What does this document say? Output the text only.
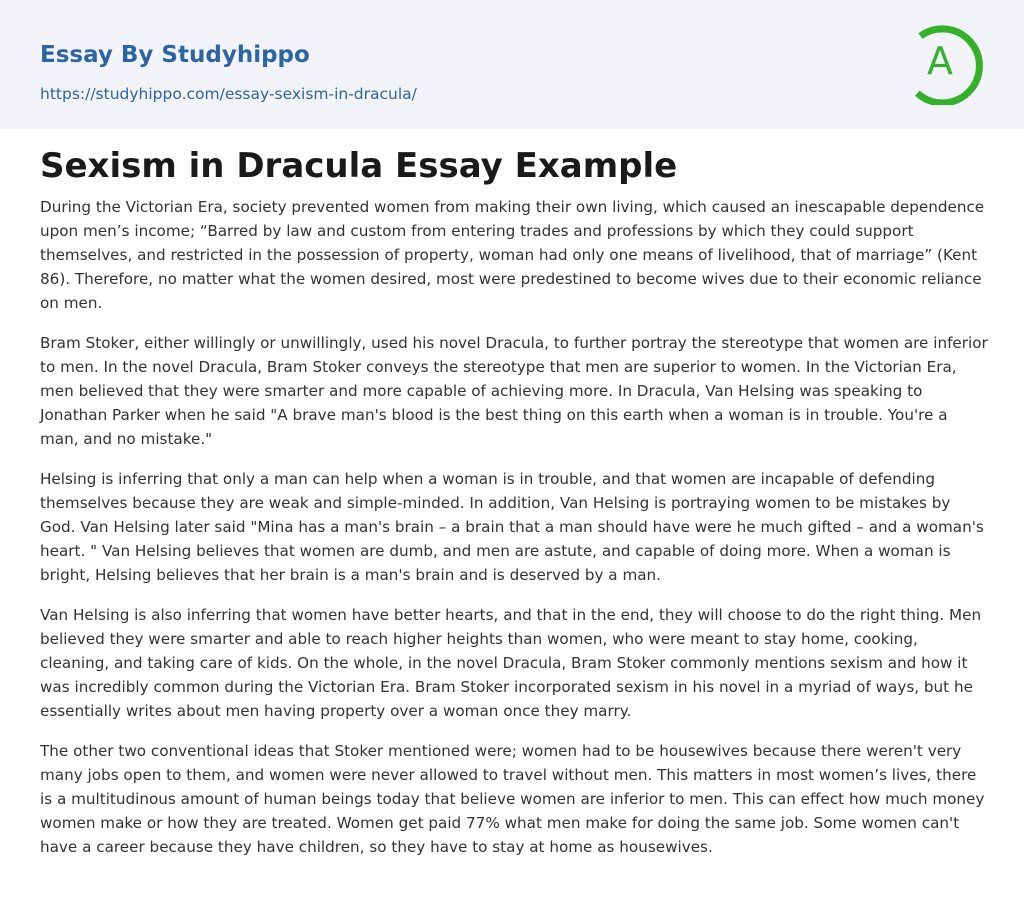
Essay By Studyhippo
https://studyhippo.com/essay-sexism-in-dracula/
A
Sexism in Dracula Essay Example

During the Victorian Era, society prevented women from making their own living, which caused an inescapable dependence upon men’s income; “Barred by law and custom from entering trades and professions by which they could support themselves, and restricted in the possession of property, woman had only one means of livelihood, that of marriage” (Kent 86). Therefore, no matter what the women desired, most were predestined to become wives due to their economic reliance on men.

Bram Stoker, either willingly or unwillingly, used his novel Dracula, to further portray the stereotype that women are inferior to men. In the novel Dracula, Bram Stoker conveys the stereotype that men are superior to women. In the Victorian Era, men believed that they were smarter and more capable of achieving more. In Dracula, Van Helsing was speaking to Jonathan Parker when he said "A brave man's blood is the best thing on this earth when a woman is in trouble. You're a man, and no mistake."

Helsing is inferring that only a man can help when a woman is in trouble, and that women are incapable of defending themselves because they are weak and simple-minded. In addition, Van Helsing is portraying women to be mistakes by God. Van Helsing later said "Mina has a man's brain – a brain that a man should have were he much gifted – and a woman's heart. " Van Helsing believes that women are dumb, and men are astute, and capable of doing more. When a woman is bright, Helsing believes that her brain is a man's brain and is deserved by a man.

Van Helsing is also inferring that women have better hearts, and that in the end, they will choose to do the right thing. Men believed they were smarter and able to reach higher heights than women, who were meant to stay home, cooking, cleaning, and taking care of kids. On the whole, in the novel Dracula, Bram Stoker commonly mentions sexism and how it was incredibly common during the Victorian Era. Bram Stoker incorporated sexism in his novel in a myriad of ways, but he essentially writes about men having property over a woman once they marry.

The other two conventional ideas that Stoker mentioned were; women had to be housewives because there weren't very many jobs open to them, and women were never allowed to travel without men. This matters in most women’s lives, there is a multitudinous amount of human beings today that believe women are inferior to men. This can effect how much money women make or how they are treated. Women get paid 77% what men make for doing the same job. Some women can't have a career because they have children, so they have to stay at home as housewives.
